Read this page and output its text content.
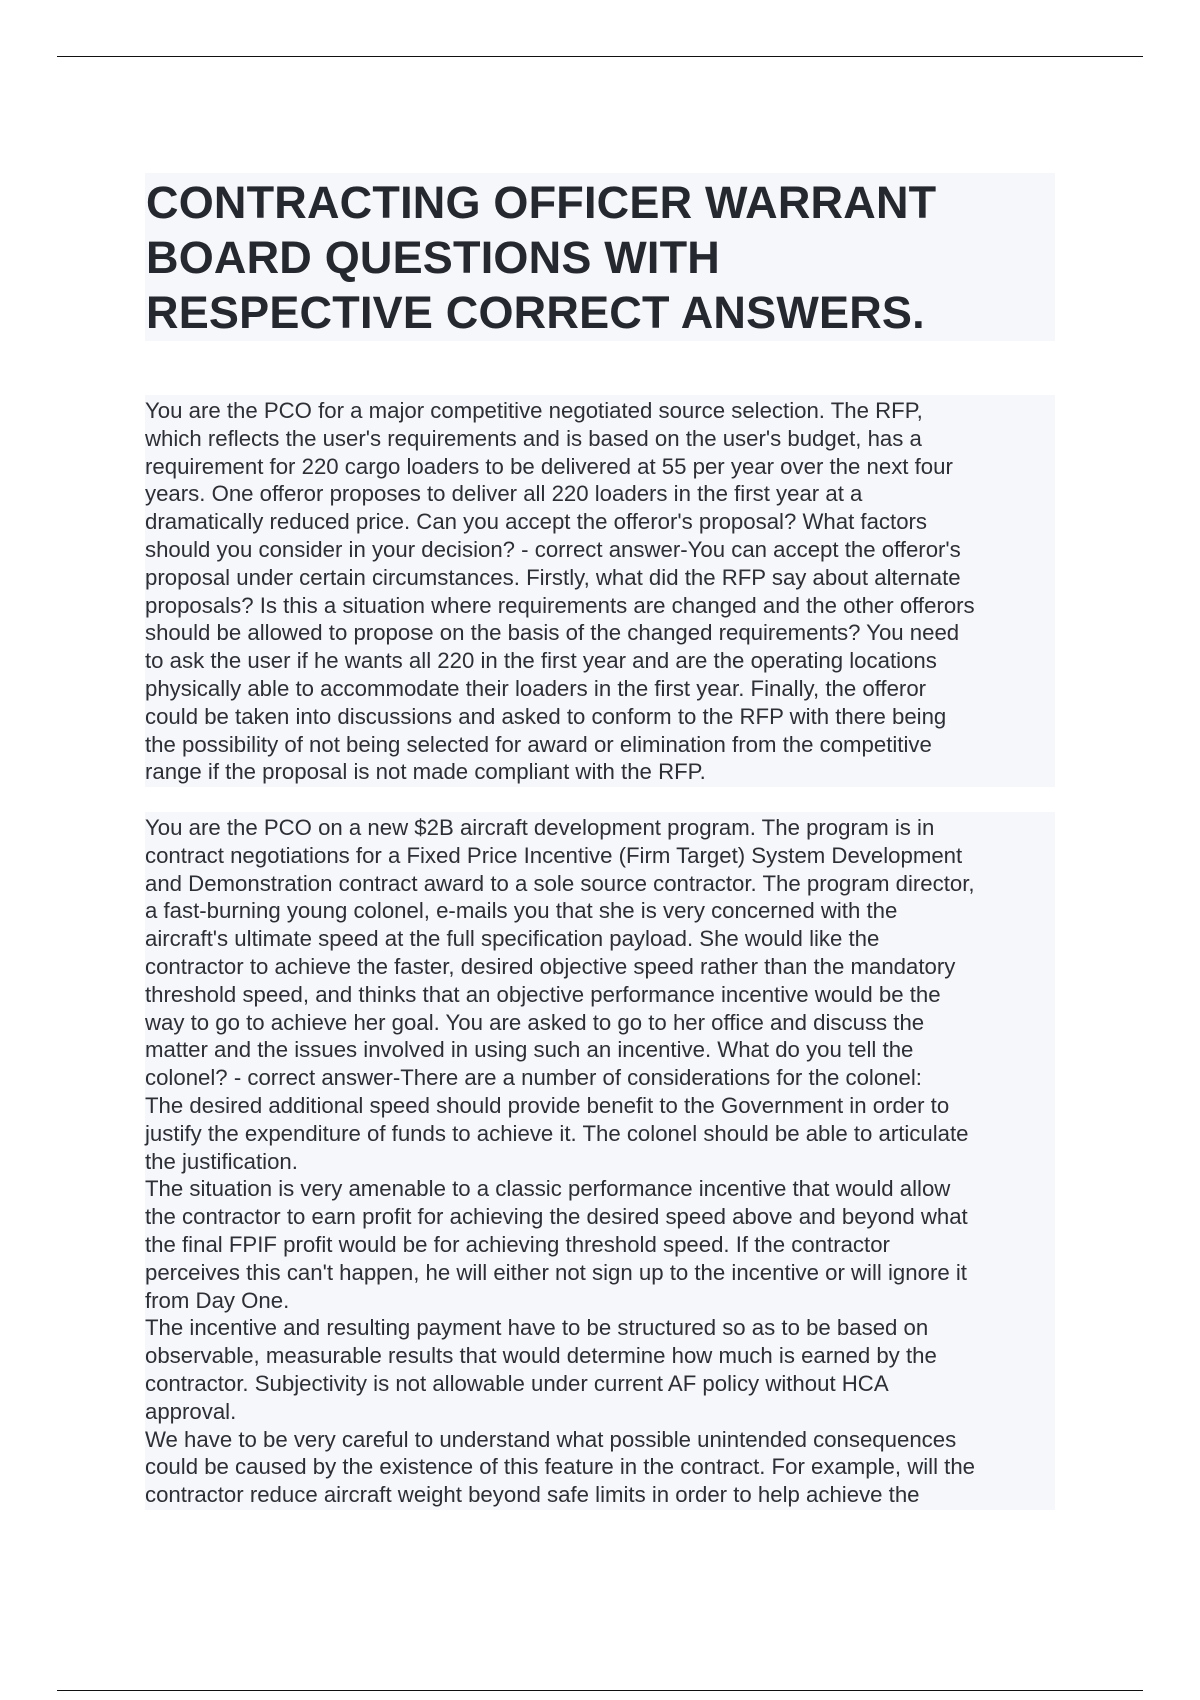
CONTRACTING OFFICER WARRANT
BOARD QUESTIONS WITH
RESPECTIVE CORRECT ANSWERS.

You are the PCO for a major competitive negotiated source selection. The RFP,
which reflects the user's requirements and is based on the user's budget, has a
requirement for 220 cargo loaders to be delivered at 55 per year over the next four
years. One offeror proposes to deliver all 220 loaders in the first year at a
dramatically reduced price. Can you accept the offeror's proposal? What factors
should you consider in your decision? - correct answer-You can accept the offeror's
proposal under certain circumstances. Firstly, what did the RFP say about alternate
proposals? Is this a situation where requirements are changed and the other offerors
should be allowed to propose on the basis of the changed requirements? You need
to ask the user if he wants all 220 in the first year and are the operating locations
physically able to accommodate their loaders in the first year. Finally, the offeror
could be taken into discussions and asked to conform to the RFP with there being
the possibility of not being selected for award or elimination from the competitive
range if the proposal is not made compliant with the RFP.

You are the PCO on a new $2B aircraft development program. The program is in
contract negotiations for a Fixed Price Incentive (Firm Target) System Development
and Demonstration contract award to a sole source contractor. The program director,
a fast-burning young colonel, e-mails you that she is very concerned with the
aircraft's ultimate speed at the full specification payload. She would like the
contractor to achieve the faster, desired objective speed rather than the mandatory
threshold speed, and thinks that an objective performance incentive would be the
way to go to achieve her goal. You are asked to go to her office and discuss the
matter and the issues involved in using such an incentive. What do you tell the
colonel? - correct answer-There are a number of considerations for the colonel:
The desired additional speed should provide benefit to the Government in order to
justify the expenditure of funds to achieve it. The colonel should be able to articulate
the justification.
The situation is very amenable to a classic performance incentive that would allow
the contractor to earn profit for achieving the desired speed above and beyond what
the final FPIF profit would be for achieving threshold speed. If the contractor
perceives this can't happen, he will either not sign up to the incentive or will ignore it
from Day One.
The incentive and resulting payment have to be structured so as to be based on
observable, measurable results that would determine how much is earned by the
contractor. Subjectivity is not allowable under current AF policy without HCA
approval.
We have to be very careful to understand what possible unintended consequences
could be caused by the existence of this feature in the contract. For example, will the
contractor reduce aircraft weight beyond safe limits in order to help achieve the
